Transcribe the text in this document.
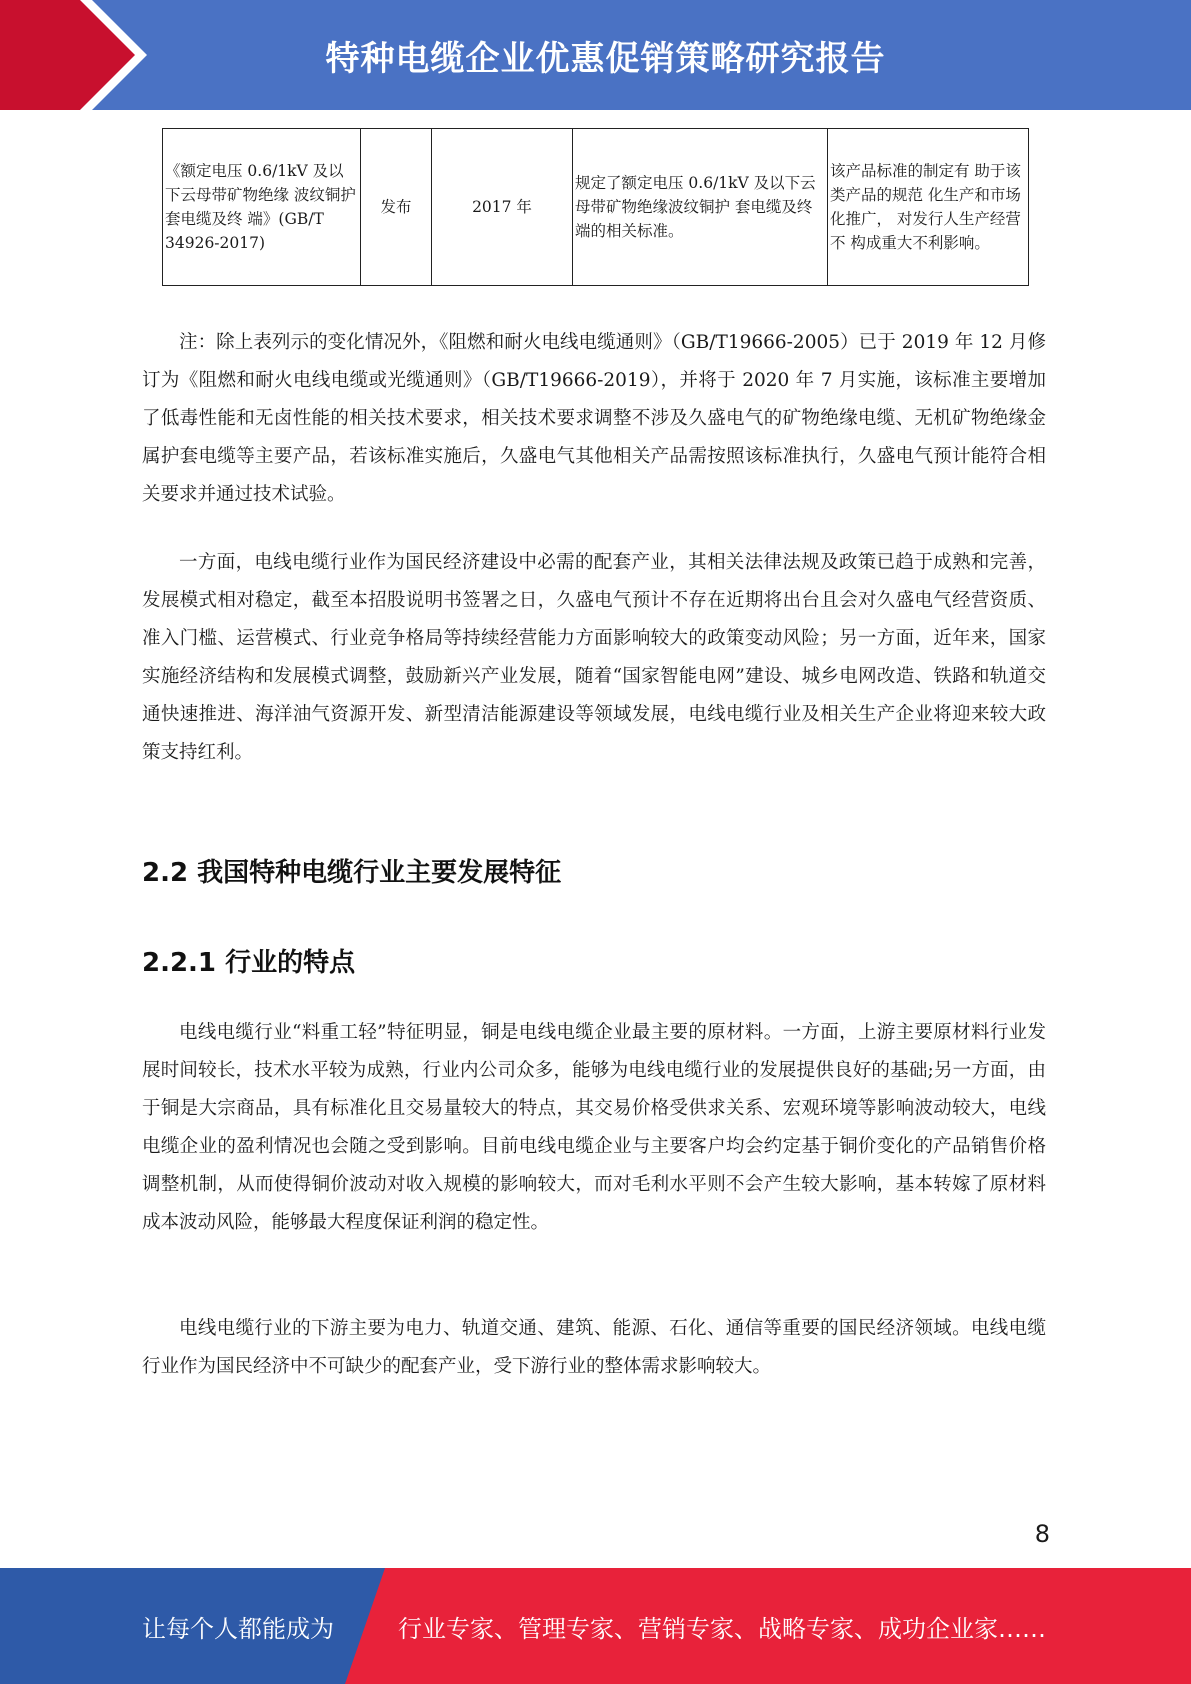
特种电缆企业优惠促销策略研究报告
《额定电压 0.6/1kV 及以下云母带矿物绝缘 波纹铜护套电缆及终 端》(GB/T 34926-2017)	发布	2017 年	规定了额定电压 0.6/1kV 及以下云母带矿物绝缘波纹铜护 套电缆及终端的相关标准。	该产品标准的制定有 助于该类产品的规范 化生产和市场化推广， 对发行人生产经营不 构成重大不利影响。

注：除上表列示的变化情况外，《阻燃和耐火电线电缆通则》（GB/T19666-2005）已于 2019 年 12 月修订为《阻燃和耐火电线电缆或光缆通则》（GB/T19666-2019），并将于 2020 年 7 月实施，该标准主要增加了低毒性能和无卤性能的相关技术要求，相关技术要求调整不涉及久盛电气的矿物绝缘电缆、无机矿物绝缘金属护套电缆等主要产品，若该标准实施后，久盛电气其他相关产品需按照该标准执行，久盛电气预计能符合相关要求并通过技术试验。

一方面，电线电缆行业作为国民经济建设中必需的配套产业，其相关法律法规及政策已趋于成熟和完善，发展模式相对稳定，截至本招股说明书签署之日，久盛电气预计不存在近期将出台且会对久盛电气经营资质、准入门槛、运营模式、行业竞争格局等持续经营能力方面影响较大的政策变动风险；另一方面，近年来，国家实施经济结构和发展模式调整，鼓励新兴产业发展，随着“国家智能电网”建设、城乡电网改造、铁路和轨道交通快速推进、海洋油气资源开发、新型清洁能源建设等领域发展，电线电缆行业及相关生产企业将迎来较大政策支持红利。

2.2 我国特种电缆行业主要发展特征
2.2.1 行业的特点

电线电缆行业“料重工轻”特征明显，铜是电线电缆企业最主要的原材料。一方面，上游主要原材料行业发展时间较长，技术水平较为成熟，行业内公司众多，能够为电线电缆行业的发展提供良好的基础;另一方面，由于铜是大宗商品，具有标准化且交易量较大的特点，其交易价格受供求关系、宏观环境等影响波动较大，电线电缆企业的盈利情况也会随之受到影响。目前电线电缆企业与主要客户均会约定基于铜价变化的产品销售价格调整机制，从而使得铜价波动对收入规模的影响较大，而对毛利水平则不会产生较大影响，基本转嫁了原材料成本波动风险，能够最大程度保证利润的稳定性。

电线电缆行业的下游主要为电力、轨道交通、建筑、能源、石化、通信等重要的国民经济领域。电线电缆行业作为国民经济中不可缺少的配套产业，受下游行业的整体需求影响较大。

8
让每个人都能成为	行业专家、管理专家、营销专家、战略专家、成功企业家……
